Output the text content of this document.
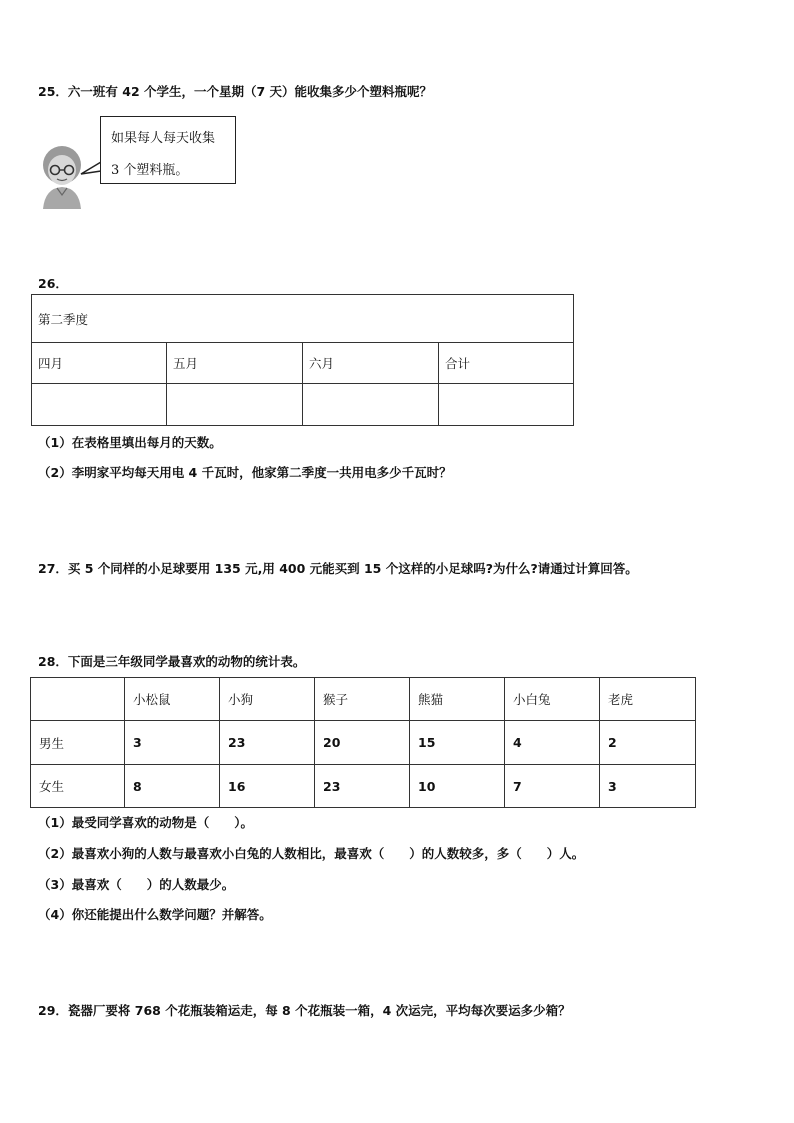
25．六一班有 42 个学生，一个星期（7 天）能收集多少个塑料瓶呢？
如果每人每天收集
3 个塑料瓶。
26．
第二季度			
四月	五月	六月	合计

（1）在表格里填出每月的天数。
（2）李明家平均每天用电 4 千瓦时，他家第二季度一共用电多少千瓦时？
27．买 5 个同样的小足球要用 135 元,用 400 元能买到 15 个这样的小足球吗?为什么?请通过计算回答。
28．下面是三年级同学最喜欢的动物的统计表。
	小松鼠	小狗	猴子	熊猫	小白兔	老虎
男生	3	23	20	15	4	2
女生	8	16	23	10	7	3
（1）最受同学喜欢的动物是（　　）。
（2）最喜欢小狗的人数与最喜欢小白兔的人数相比，最喜欢（　　）的人数较多，多（　　）人。
（3）最喜欢（　　）的人数最少。
（4）你还能提出什么数学问题？并解答。
29．瓷器厂要将 768 个花瓶装箱运走，每 8 个花瓶装一箱，4 次运完，平均每次要运多少箱？
